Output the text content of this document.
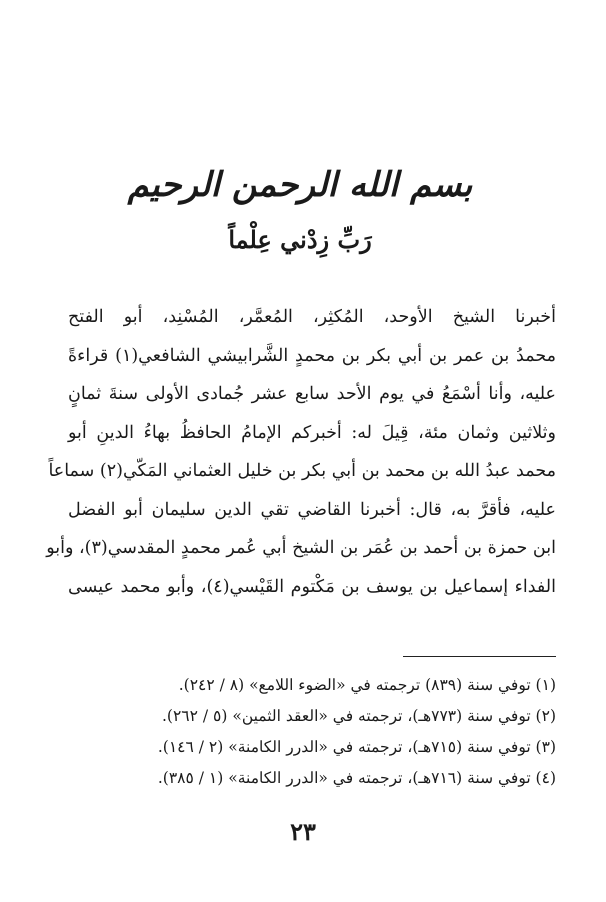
بسم الله الرحمن الرحيم
رَبِّ زِدْني عِلْماً
أخبرنا الشيخ الأوحد، المُكثِر، المُعمَّر، المُسْنِد، أبو الفتح
محمدُ بن عمر بن أبي بكر بن محمدٍ الشَّرابيشي الشافعي(١) قراءةً
عليه، وأنا أسْمَعُ في يوم الأحد سابع عشر جُمادى الأولى سنةَ ثمانٍ
وثلاثين وثمان مئة، قِيلَ له: أخبركم الإمامُ الحافظُ بهاءُ الدينِ أبو
محمد عبدُ الله بن محمد بن أبي بكر بن خليل العثماني المَكّي(٢) سماعاً
عليه، فأقرَّ به، قال: أخبرنا القاضي تقي الدين سليمان أبو الفضل
ابن حمزة بن أحمد بن عُمَر بن الشيخ أبي عُمر محمدٍ المقدسي(٣)، وأبو
الفداء إسماعيل بن يوسف بن مَكْتوم القَيْسي(٤)، وأبو محمد عيسى
(١) توفي سنة (٨٣٩) ترجمته في «الضوء اللامع» (٨ / ٢٤٢).
(٢) توفي سنة (٧٧٣هـ)، ترجمته في «العقد الثمين» (٥ / ٢٦٢).
(٣) توفي سنة (٧١٥هـ)، ترجمته في «الدرر الكامنة» (٢ / ١٤٦).
(٤) توفي سنة (٧١٦هـ)، ترجمته في «الدرر الكامنة» (١ / ٣٨٥).
٢٣
